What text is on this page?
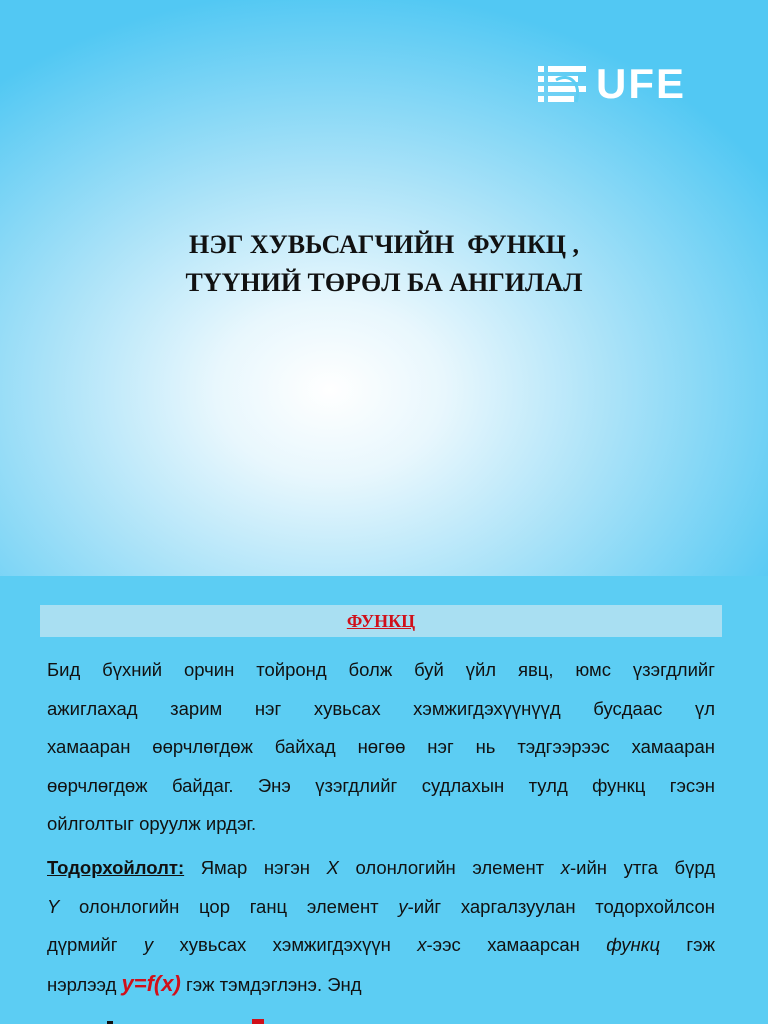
UFE
НЭГ ХУВЬСАГЧИЙН  ФУНКЦ ,
ТҮҮНИЙ ТӨРӨЛ БА АНГИЛАЛ
ФУНКЦ
Бид бүхний орчин тойронд болж буй үйл явц, юмс үзэгдлийг
ажиглахад зарим нэг хувьсах хэмжигдэхүүнүүд бусдаас үл
хамааран өөрчлөгдөж байхад нөгөө нэг нь тэдгээрээс хамааран
өөрчлөгдөж байдаг. Энэ үзэгдлийг судлахын тулд функц гэсэн
ойлголтыг оруулж ирдэг.
Тодорхойлолт: Ямар нэгэн X олонлогийн элемент x-ийн утга бүрд
Y олонлогийн цор ганц элемент y-ийг харгалзуулан тодорхойлсон
дүрмийг y хувьсах хэмжигдэхүүн x-ээс хамаарсан функц гэж
нэрлээд y=f(x) гэж тэмдэглэнэ. Энд
